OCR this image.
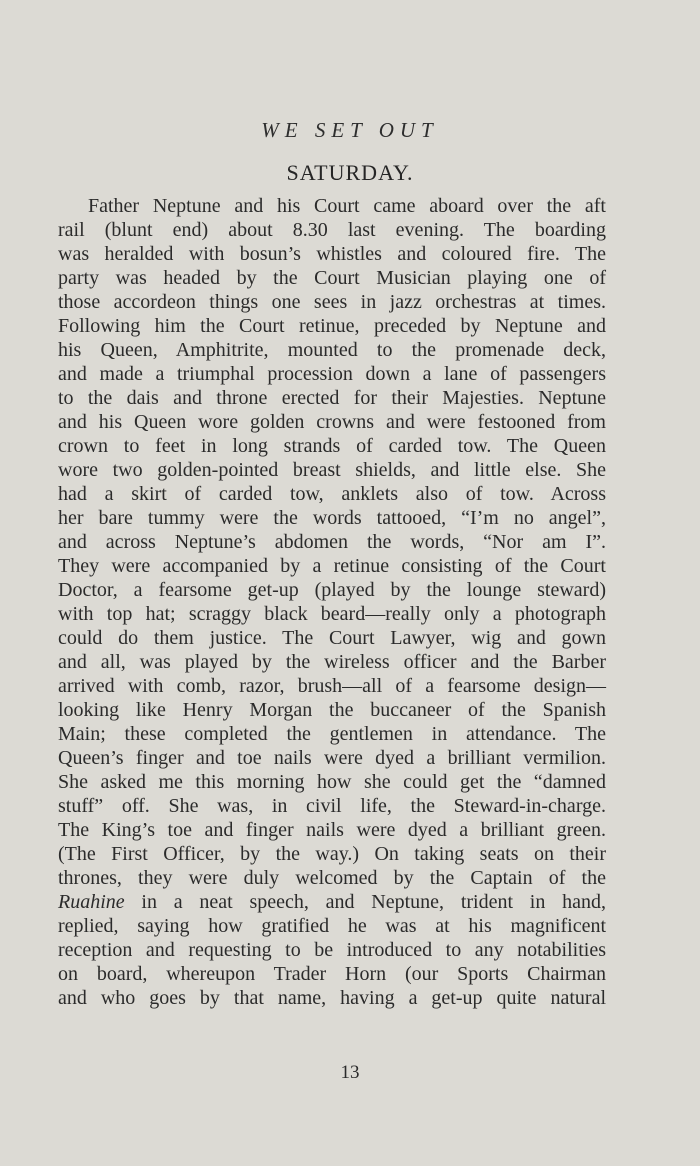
WE SET OUT
SATURDAY.
Father Neptune and his Court came aboard over the aft
rail (blunt end) about 8.30 last evening. The boarding
was heralded with bosun’s whistles and coloured fire. The
party was headed by the Court Musician playing one of
those accordeon things one sees in jazz orchestras at times.
Following him the Court retinue, preceded by Neptune and
his Queen, Amphitrite, mounted to the promenade deck,
and made a triumphal procession down a lane of passengers
to the dais and throne erected for their Majesties. Neptune
and his Queen wore golden crowns and were festooned from
crown to feet in long strands of carded tow. The Queen
wore two golden-pointed breast shields, and little else. She
had a skirt of carded tow, anklets also of tow. Across
her bare tummy were the words tattooed, “I’m no angel”,
and across Neptune’s abdomen the words, “Nor am I”.
They were accompanied by a retinue consisting of the Court
Doctor, a fearsome get-up (played by the lounge steward)
with top hat; scraggy black beard—really only a photograph
could do them justice. The Court Lawyer, wig and gown
and all, was played by the wireless officer and the Barber
arrived with comb, razor, brush—all of a fearsome design—
looking like Henry Morgan the buccaneer of the Spanish
Main; these completed the gentlemen in attendance. The
Queen’s finger and toe nails were dyed a brilliant vermilion.
She asked me this morning how she could get the “damned
stuff” off. She was, in civil life, the Steward-in-charge.
The King’s toe and finger nails were dyed a brilliant green.
(The First Officer, by the way.) On taking seats on their
thrones, they were duly welcomed by the Captain of the
Ruahine in a neat speech, and Neptune, trident in hand,
replied, saying how gratified he was at his magnificent
reception and requesting to be introduced to any notabilities
on board, whereupon Trader Horn (our Sports Chairman
and who goes by that name, having a get-up quite natural
13
